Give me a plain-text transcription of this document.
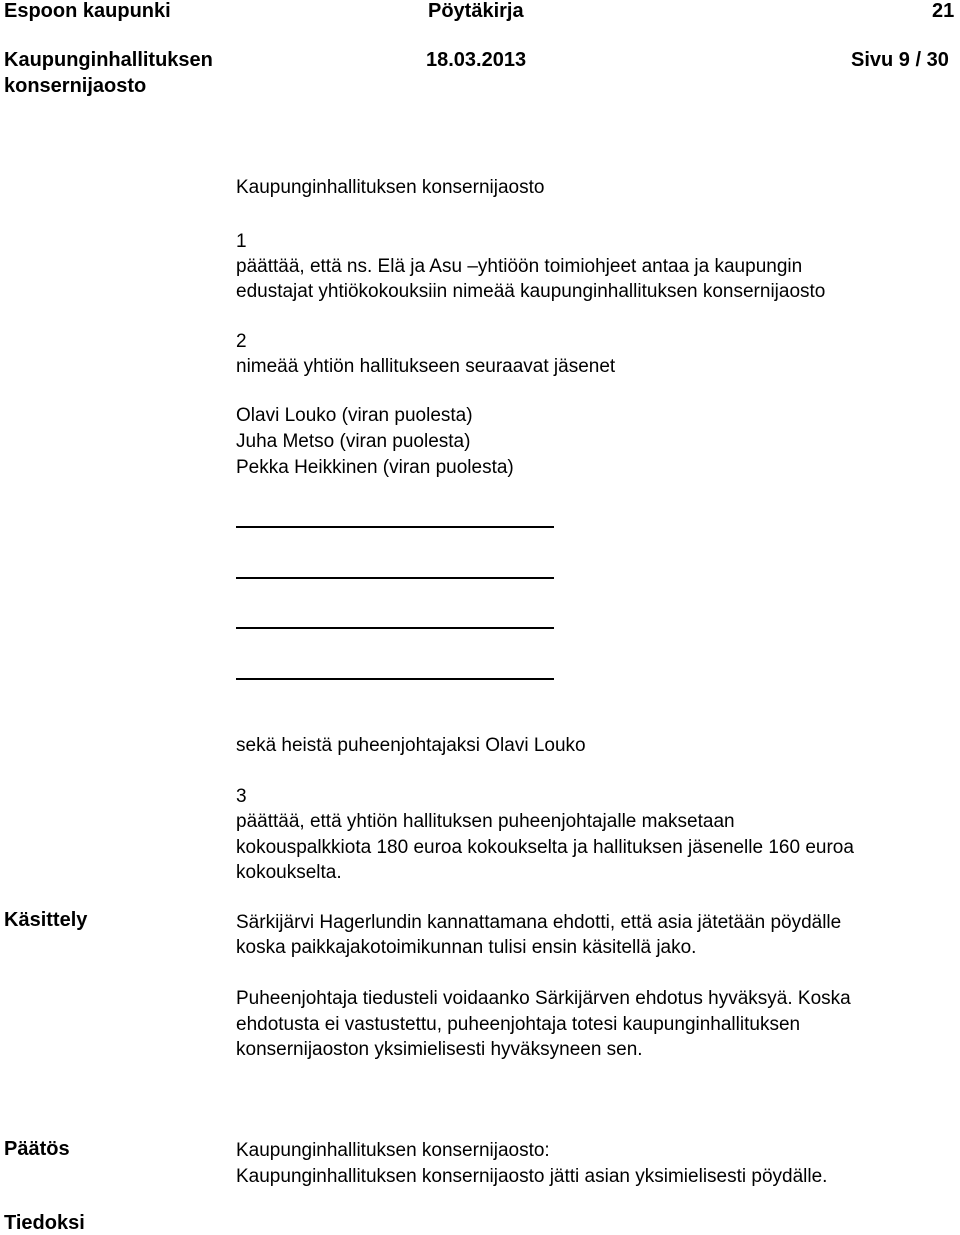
Espoon kaupunki	Pöytäkirja	21
Kaupunginhallituksen
konsernijaosto
18.03.2013	Sivu 9 / 30
Kaupunginhallituksen konsernijaosto
1
päättää, että ns. Elä ja Asu –yhtiöön toimiohjeet antaa ja kaupungin
edustajat yhtiökokouksiin nimeää kaupunginhallituksen konsernijaosto
2
nimeää yhtiön hallitukseen seuraavat jäsenet
Olavi Louko (viran puolesta)
Juha Metso (viran puolesta)
Pekka Heikkinen (viran puolesta)
sekä heistä puheenjohtajaksi Olavi Louko
3
päättää, että yhtiön hallituksen puheenjohtajalle maksetaan
kokouspalkkiota 180 euroa kokoukselta ja hallituksen jäsenelle 160 euroa
kokoukselta.
Käsittely	Särkijärvi Hagerlundin kannattamana ehdotti, että asia jätetään pöydälle
koska paikkajakotoimikunnan tulisi ensin käsitellä jako.
Puheenjohtaja tiedusteli voidaanko Särkijärven ehdotus hyväksyä. Koska
ehdotusta ei vastustettu, puheenjohtaja totesi kaupunginhallituksen
konsernijaoston yksimielisesti hyväksyneen sen.
Päätös	Kaupunginhallituksen konsernijaosto:
Kaupunginhallituksen konsernijaosto jätti asian yksimielisesti pöydälle.
Tiedoksi
